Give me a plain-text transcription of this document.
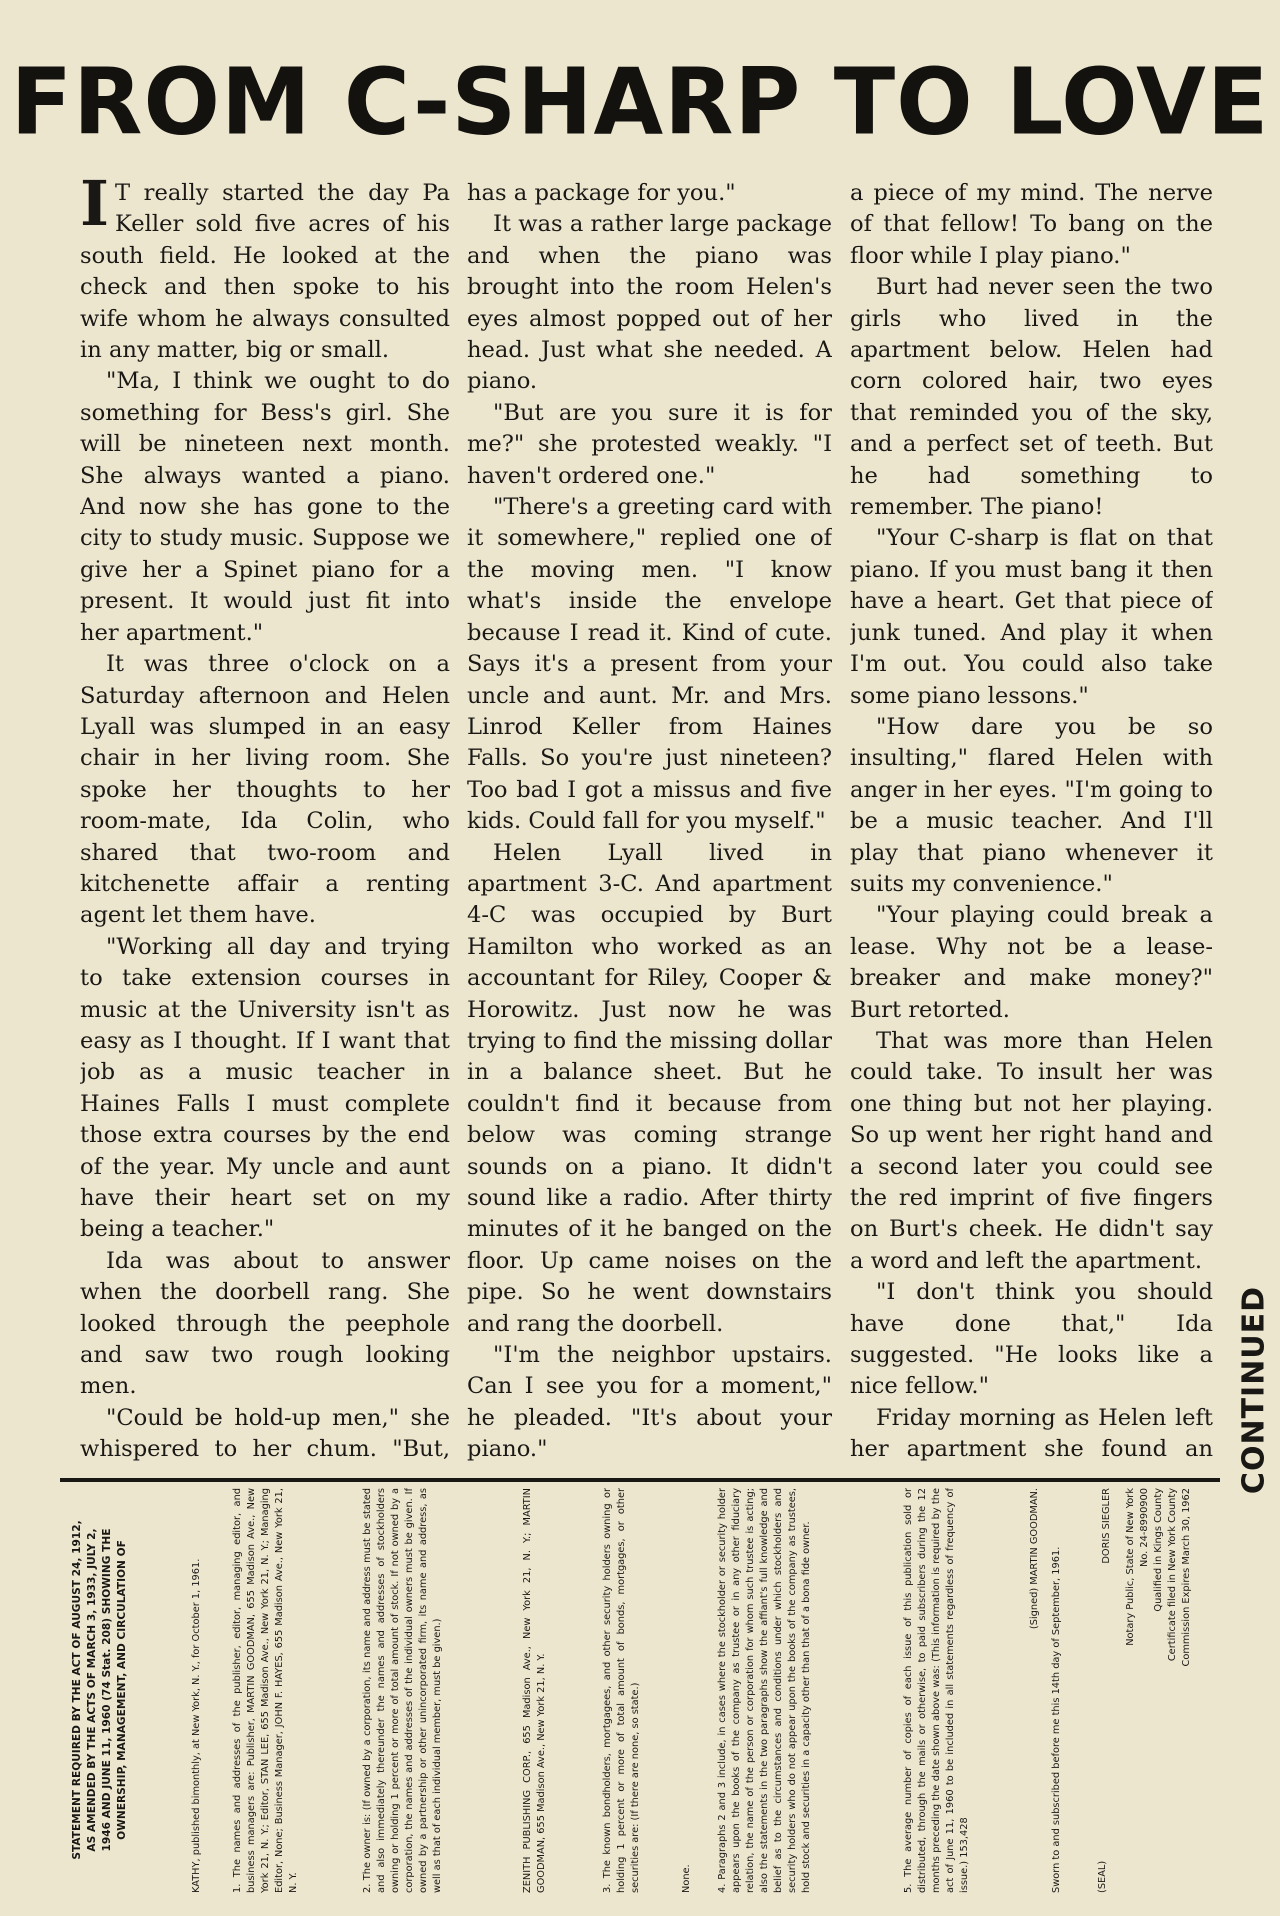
FROM C-SHARP TO LOVE

I T really started the day Pa Keller sold five acres of his south field. He looked at the check and then spoke to his wife whom he always consulted in any matter, big or small.

"Ma, I think we ought to do something for Bess's girl. She will be nineteen next month. She always wanted a piano. And now she has gone to the city to study music. Suppose we give her a Spinet piano for a present. It would just fit into her apartment."

It was three o'clock on a Saturday afternoon and Helen Lyall was slumped in an easy chair in her living room. She spoke her thoughts to her room-mate, Ida Colin, who shared that two-room and kitchenette affair a renting agent let them have.

"Working all day and trying to take extension courses in music at the University isn't as easy as I thought. If I want that job as a music teacher in Haines Falls I must complete those extra courses by the end of the year. My uncle and aunt have their heart set on my being a teacher."

Ida was about to answer when the doorbell rang. She looked through the peephole and saw two rough looking men.

"Could be hold-up men," she whispered to her chum. "But,

has a package for you."

It was a rather large package and when the piano was brought into the room Helen's eyes almost popped out of her head. Just what she needed. A piano.

"But are you sure it is for me?" she protested weakly. "I haven't ordered one."

"There's a greeting card with it somewhere," replied one of the moving men. "I know what's inside the envelope because I read it. Kind of cute. Says it's a present from your uncle and aunt. Mr. and Mrs. Linrod Keller from Haines Falls. So you're just nineteen? Too bad I got a missus and five kids. Could fall for you myself."

Helen Lyall lived in apartment 3-C. And apartment 4-C was occupied by Burt Hamilton who worked as an accountant for Riley, Cooper & Horowitz. Just now he was trying to find the missing dollar in a balance sheet. But he couldn't find it because from below was coming strange sounds on a piano. It didn't sound like a radio. After thirty minutes of it he banged on the floor. Up came noises on the pipe. So he went downstairs and rang the doorbell.

"I'm the neighbor upstairs. Can I see you for a moment," he pleaded. "It's about your piano."

a piece of my mind. The nerve of that fellow! To bang on the floor while I play piano."

Burt had never seen the two girls who lived in the apartment below. Helen had corn colored hair, two eyes that reminded you of the sky, and a perfect set of teeth. But he had something to remember. The piano!

"Your C-sharp is flat on that piano. If you must bang it then have a heart. Get that piece of junk tuned. And play it when I'm out. You could also take some piano lessons."

"How dare you be so insulting," flared Helen with anger in her eyes. "I'm going to be a music teacher. And I'll play that piano whenever it suits my convenience."

"Your playing could break a lease. Why not be a lease-breaker and make money?" Burt retorted.

That was more than Helen could take. To insult her was one thing but not her playing. So up went her right hand and a second later you could see the red imprint of five fingers on Burt's cheek. He didn't say a word and left the apartment.

"I don't think you should have done that," Ida suggested. "He looks like a nice fellow."

Friday morning as Helen left her apartment she found an CONTINUED
STATEMENT REQUIRED BY THE ACT OF AUGUST 24, 1912, AS AMENDED BY THE ACTS OF MARCH 3, 1933, JULY 2, 1946 AND JUNE 11, 1960 (74 Stat. 208) SHOWING THE OWNERSHIP, MANAGEMENT, AND CIRCULATION OF	KATHY, published bimonthly, at New York, N. Y., for October 1, 1961.	1. The names and addresses of the publisher, editor, managing editor, and business managers are: Publisher, MARTIN GOODMAN, 655 Madison Ave., New York 21, N. Y.; Editor, STAN LEE, 655 Madison Ave., New York 21, N. Y.; Managing Editor, None; Business Manager, JOHN F. HAYES, 655 Madison Ave., New York 21, N. Y.	2. The owner is: (If owned by a corporation, its name and address must be stated and also immediately thereunder the names and addresses of stockholders owning or holding 1 percent or more of total amount of stock. If not owned by a corporation, the names and addresses of the individual owners must be given. If owned by a partnership or other unincorporated firm, its name and address, as well as that of each individual member, must be given.)	ZENITH PUBLISHING CORP., 655 Madison Ave., New York 21, N. Y.; MARTIN GOODMAN, 655 Madison Ave., New York 21, N. Y.	3. The known bondholders, mortgagees, and other security holders owning or holding 1 percent or more of total amount of bonds, mortgages, or other securities are: (If there are none, so state.)	None.	4. Paragraphs 2 and 3 include, in cases where the stockholder or security holder appears upon the books of the company as trustee or in any other fiduciary relation, the name of the person or corporation for whom such trustee is acting; also the statements in the two paragraphs show the affiant's full knowledge and belief as to the circumstances and conditions under which stockholders and security holders who do not appear upon the books of the company as trustees, hold stock and securities in a capacity other than that of a bona fide owner.	5. The average number of copies of each issue of this publication sold or distributed, through the mails or otherwise, to paid subscribers during the 12 months preceding the date shown above was: (This information is required by the act of June 11, 1960 to be included in all statements regardless of frequency of issue.) 153,428
(Signed) MARTIN GOODMAN. Sworn to and subscribed before me this 14th day of September, 1961.	(SEAL)
DORIS SIEGLER Notary Public, State of New York No. 24-8990900 Qualified in Kings County Certificate filed in New York County Commission Expires March 30, 1962
